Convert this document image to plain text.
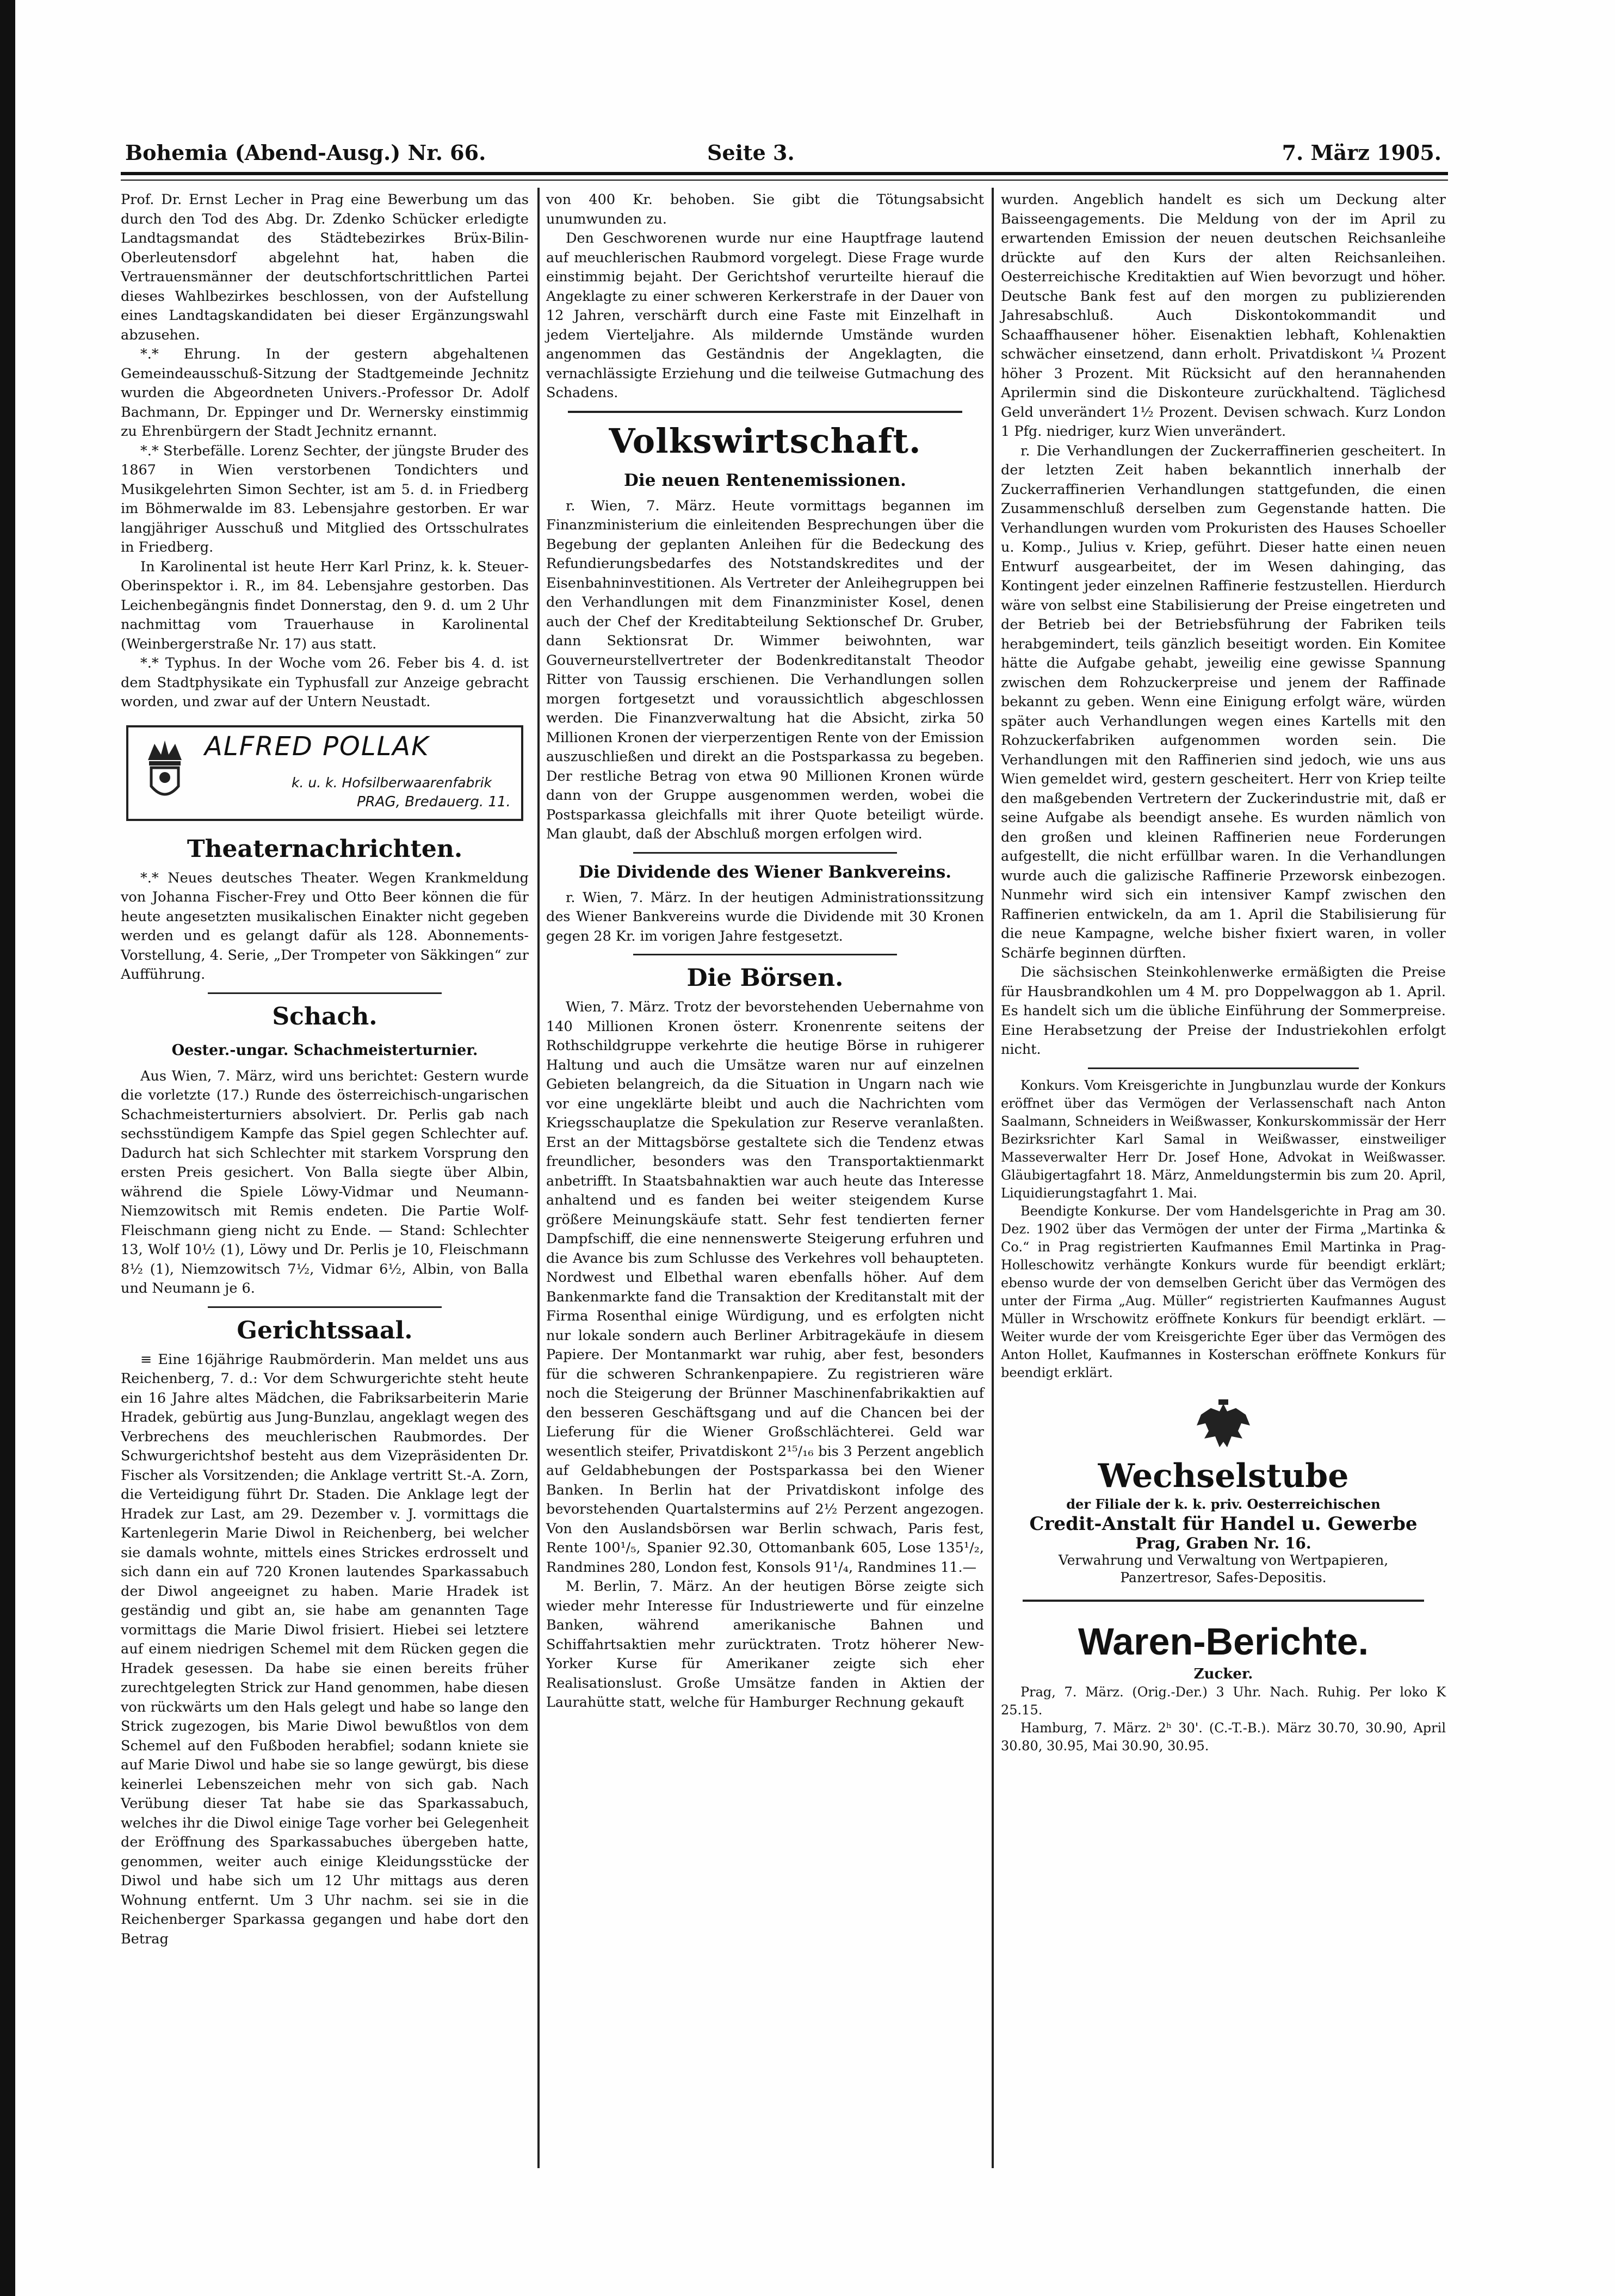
Bohemia (Abend-Ausg.) Nr. 66.	Seite 3.	7. März 1905.

Prof. Dr. Ernst Lecher in Prag eine Bewerbung um das durch den Tod des Abg. Dr. Zdenko Schücker erledigte Landtagsmandat des Städtebezirkes Brüx-Bilin-Oberleutensdorf abgelehnt hat, haben die Vertrauensmänner der deutschfortschrittlichen Partei dieses Wahlbezirkes beschlossen, von der Aufstellung eines Landtagskandidaten bei dieser Ergänzungswahl abzusehen.

*.* Ehrung. In der gestern abgehaltenen Gemeindeausschuß-Sitzung der Stadtgemeinde Jechnitz wurden die Abgeordneten Univers.-Professor Dr. Adolf Bachmann, Dr. Eppinger und Dr. Wernersky einstimmig zu Ehrenbürgern der Stadt Jechnitz ernannt.

*.* Sterbefälle. Lorenz Sechter, der jüngste Bruder des 1867 in Wien verstorbenen Tondichters und Musikgelehrten Simon Sechter, ist am 5. d. in Friedberg im Böhmerwalde im 83. Lebensjahre gestorben. Er war langjähriger Ausschuß und Mitglied des Ortsschulrates in Friedberg.

In Karolinental ist heute Herr Karl Prinz, k. k. Steuer-Oberinspektor i. R., im 84. Lebensjahre gestorben. Das Leichenbegängnis findet Donnerstag, den 9. d. um 2 Uhr nachmittag vom Trauerhause in Karolinental (Weinbergerstraße Nr. 17) aus statt.

*.* Typhus. In der Woche vom 26. Feber bis 4. d. ist dem Stadtphysikate ein Typhusfall zur Anzeige gebracht worden, und zwar auf der Untern Neustadt.

ALFRED POLLAK
k. u. k. Hofsilberwaarenfabrik
PRAG, Bredauerg. 11.
Theaternachrichten.

*.* Neues deutsches Theater. Wegen Krankmeldung von Johanna Fischer-Frey und Otto Beer können die für heute angesetzten musikalischen Einakter nicht gegeben werden und es gelangt dafür als 128. Abonnements-Vorstellung, 4. Serie, „Der Trompeter von Säkkingen“ zur Aufführung.

Schach.
Oester.-ungar. Schachmeisterturnier.

Aus Wien, 7. März, wird uns berichtet: Gestern wurde die vorletzte (17.) Runde des österreichisch-ungarischen Schachmeisterturniers absolviert. Dr. Perlis gab nach sechsstündigem Kampfe das Spiel gegen Schlechter auf. Dadurch hat sich Schlechter mit starkem Vorsprung den ersten Preis gesichert. Von Balla siegte über Albin, während die Spiele Löwy-Vidmar und Neumann-Niemzowitsch mit Remis endeten. Die Partie Wolf-Fleischmann gieng nicht zu Ende. — Stand: Schlechter 13, Wolf 10½ (1), Löwy und Dr. Perlis je 10, Fleischmann 8½ (1), Niemzowitsch 7½, Vidmar 6½, Albin, von Balla und Neumann je 6.

Gerichtssaal.

≡ Eine 16jährige Raubmörderin. Man meldet uns aus Reichenberg, 7. d.: Vor dem Schwurgerichte steht heute ein 16 Jahre altes Mädchen, die Fabriksarbeiterin Marie Hradek, gebürtig aus Jung-Bunzlau, angeklagt wegen des Verbrechens des meuchlerischen Raubmordes. Der Schwurgerichtshof besteht aus dem Vizepräsidenten Dr. Fischer als Vorsitzenden; die Anklage vertritt St.-A. Zorn, die Verteidigung führt Dr. Staden. Die Anklage legt der Hradek zur Last, am 29. Dezember v. J. vormittags die Kartenlegerin Marie Diwol in Reichenberg, bei welcher sie damals wohnte, mittels eines Strickes erdrosselt und sich dann ein auf 720 Kronen lautendes Sparkassabuch der Diwol angeeignet zu haben. Marie Hradek ist geständig und gibt an, sie habe am genannten Tage vormittags die Marie Diwol frisiert. Hiebei sei letztere auf einem niedrigen Schemel mit dem Rücken gegen die Hradek gesessen. Da habe sie einen bereits früher zurechtgelegten Strick zur Hand genommen, habe diesen von rückwärts um den Hals gelegt und habe so lange den Strick zugezogen, bis Marie Diwol bewußtlos von dem Schemel auf den Fußboden herabfiel; sodann kniete sie auf Marie Diwol und habe sie so lange gewürgt, bis diese keinerlei Lebenszeichen mehr von sich gab. Nach Verübung dieser Tat habe sie das Sparkassabuch, welches ihr die Diwol einige Tage vorher bei Gelegenheit der Eröffnung des Sparkassabuches übergeben hatte, genommen, weiter auch einige Kleidungsstücke der Diwol und habe sich um 12 Uhr mittags aus deren Wohnung entfernt. Um 3 Uhr nachm. sei sie in die Reichenberger Sparkassa gegangen und habe dort den Betrag

von 400 Kr. behoben. Sie gibt die Tötungsabsicht unumwunden zu.

Den Geschworenen wurde nur eine Hauptfrage lautend auf meuchlerischen Raubmord vorgelegt. Diese Frage wurde einstimmig bejaht. Der Gerichtshof verurteilte hierauf die Angeklagte zu einer schweren Kerkerstrafe in der Dauer von 12 Jahren, verschärft durch eine Faste mit Einzelhaft in jedem Vierteljahre. Als mildernde Umstände wurden angenommen das Geständnis der Angeklagten, die vernachlässigte Erziehung und die teilweise Gutmachung des Schadens.

Volkswirtschaft.
Die neuen Rentenemissionen.

r. Wien, 7. März. Heute vormittags begannen im Finanzministerium die einleitenden Besprechungen über die Begebung der geplanten Anleihen für die Bedeckung des Refundierungsbedarfes des Notstandskredites und der Eisenbahninvestitionen. Als Vertreter der Anleihegruppen bei den Verhandlungen mit dem Finanzminister Kosel, denen auch der Chef der Kreditabteilung Sektionschef Dr. Gruber, dann Sektionsrat Dr. Wimmer beiwohnten, war Gouverneurstellvertreter der Bodenkreditanstalt Theodor Ritter von Taussig erschienen. Die Verhandlungen sollen morgen fortgesetzt und voraussichtlich abgeschlossen werden. Die Finanzverwaltung hat die Absicht, zirka 50 Millionen Kronen der vierperzentigen Rente von der Emission auszuschließen und direkt an die Postsparkassa zu begeben. Der restliche Betrag von etwa 90 Millionen Kronen würde dann von der Gruppe ausgenommen werden, wobei die Postsparkassa gleichfalls mit ihrer Quote beteiligt würde. Man glaubt, daß der Abschluß morgen erfolgen wird.

Die Dividende des Wiener Bankvereins.

r. Wien, 7. März. In der heutigen Administrationssitzung des Wiener Bankvereins wurde die Dividende mit 30 Kronen gegen 28 Kr. im vorigen Jahre festgesetzt.

Die Börsen.

Wien, 7. März. Trotz der bevorstehenden Uebernahme von 140 Millionen Kronen österr. Kronenrente seitens der Rothschildgruppe verkehrte die heutige Börse in ruhigerer Haltung und auch die Umsätze waren nur auf einzelnen Gebieten belangreich, da die Situation in Ungarn nach wie vor eine ungeklärte bleibt und auch die Nachrichten vom Kriegsschauplatze die Spekulation zur Reserve veranlaßten. Erst an der Mittagsbörse gestaltete sich die Tendenz etwas freundlicher, besonders was den Transportaktienmarkt anbetrifft. In Staatsbahnaktien war auch heute das Interesse anhaltend und es fanden bei weiter steigendem Kurse größere Meinungskäufe statt. Sehr fest tendierten ferner Dampfschiff, die eine nennenswerte Steigerung erfuhren und die Avance bis zum Schlusse des Verkehres voll behaupteten. Nordwest und Elbethal waren ebenfalls höher. Auf dem Bankenmarkte fand die Transaktion der Kreditanstalt mit der Firma Rosenthal einige Würdigung, und es erfolgten nicht nur lokale sondern auch Berliner Arbitragekäufe in diesem Papiere. Der Montanmarkt war ruhig, aber fest, besonders für die schweren Schrankenpapiere. Zu registrieren wäre noch die Steigerung der Brünner Maschinenfabrikaktien auf den besseren Geschäftsgang und auf die Chancen bei der Lieferung für die Wiener Großschlächterei. Geld war wesentlich steifer, Privatdiskont 2¹⁵/₁₆ bis 3 Perzent angeblich auf Geldabhebungen der Postsparkassa bei den Wiener Banken. In Berlin hat der Privatdiskont infolge des bevorstehenden Quartalstermins auf 2½ Perzent angezogen. Von den Auslandsbörsen war Berlin schwach, Paris fest, Rente 100¹/₅, Spanier 92.30, Ottomanbank 605, Lose 135¹/₂, Randmines 280, London fest, Konsols 91¹/₄, Randmines 11.—

M. Berlin, 7. März. An der heutigen Börse zeigte sich wieder mehr Interesse für Industriewerte und für einzelne Banken, während amerikanische Bahnen und Schiffahrtsaktien mehr zurücktraten. Trotz höherer New-Yorker Kurse für Amerikaner zeigte sich eher Realisationslust. Große Umsätze fanden in Aktien der Laurahütte statt, welche für Hamburger Rechnung gekauft

wurden. Angeblich handelt es sich um Deckung alter Baisseengagements. Die Meldung von der im April zu erwartenden Emission der neuen deutschen Reichsanleihe drückte auf den Kurs der alten Reichsanleihen. Oesterreichische Kreditaktien auf Wien bevorzugt und höher. Deutsche Bank fest auf den morgen zu publizierenden Jahresabschluß. Auch Diskontokommandit und Schaaffhausener höher. Eisenaktien lebhaft, Kohlenaktien schwächer einsetzend, dann erholt. Privatdiskont ¼ Prozent höher 3 Prozent. Mit Rücksicht auf den herannahenden Aprilermin sind die Diskonteure zurückhaltend. Täglichesd Geld unverändert 1½ Prozent. Devisen schwach. Kurz London 1 Pfg. niedriger, kurz Wien unverändert.

r. Die Verhandlungen der Zuckerraffinerien gescheitert. In der letzten Zeit haben bekanntlich innerhalb der Zuckerraffinerien Verhandlungen stattgefunden, die einen Zusammenschluß derselben zum Gegenstande hatten. Die Verhandlungen wurden vom Prokuristen des Hauses Schoeller u. Komp., Julius v. Kriep, geführt. Dieser hatte einen neuen Entwurf ausgearbeitet, der im Wesen dahinging, das Kontingent jeder einzelnen Raffinerie festzustellen. Hierdurch wäre von selbst eine Stabilisierung der Preise eingetreten und der Betrieb bei der Betriebsführung der Fabriken teils herabgemindert, teils gänzlich beseitigt worden. Ein Komitee hätte die Aufgabe gehabt, jeweilig eine gewisse Spannung zwischen dem Rohzuckerpreise und jenem der Raffinade bekannt zu geben. Wenn eine Einigung erfolgt wäre, würden später auch Verhandlungen wegen eines Kartells mit den Rohzuckerfabriken aufgenommen worden sein. Die Verhandlungen mit den Raffinerien sind jedoch, wie uns aus Wien gemeldet wird, gestern gescheitert. Herr von Kriep teilte den maßgebenden Vertretern der Zuckerindustrie mit, daß er seine Aufgabe als beendigt ansehe. Es wurden nämlich von den großen und kleinen Raffinerien neue Forderungen aufgestellt, die nicht erfüllbar waren. In die Verhandlungen wurde auch die galizische Raffinerie Przeworsk einbezogen. Nunmehr wird sich ein intensiver Kampf zwischen den Raffinerien entwickeln, da am 1. April die Stabilisierung für die neue Kampagne, welche bisher fixiert waren, in voller Schärfe beginnen dürften.

Die sächsischen Steinkohlenwerke ermäßigten die Preise für Hausbrandkohlen um 4 M. pro Doppelwaggon ab 1. April. Es handelt sich um die übliche Einführung der Sommerpreise. Eine Herabsetzung der Preise der Industriekohlen erfolgt nicht.

Konkurs. Vom Kreisgerichte in Jungbunzlau wurde der Konkurs eröffnet über das Vermögen der Verlassenschaft nach Anton Saalmann, Schneiders in Weißwasser, Konkurskommissär der Herr Bezirksrichter Karl Samal in Weißwasser, einstweiliger Masseverwalter Herr Dr. Josef Hone, Advokat in Weißwasser. Gläubigertagfahrt 18. März, Anmeldungstermin bis zum 20. April, Liquidierungstagfahrt 1. Mai.

Beendigte Konkurse. Der vom Handelsgerichte in Prag am 30. Dez. 1902 über das Vermögen der unter der Firma „Martinka & Co.“ in Prag registrierten Kaufmannes Emil Martinka in Prag-Holleschowitz verhängte Konkurs wurde für beendigt erklärt; ebenso wurde der von demselben Gericht über das Vermögen des unter der Firma „Aug. Müller“ registrierten Kaufmannes August Müller in Wrschowitz eröffnete Konkurs für beendigt erklärt. — Weiter wurde der vom Kreisgerichte Eger über das Vermögen des Anton Hollet, Kaufmannes in Kosterschan eröffnete Konkurs für beendigt erklärt.

Wechselstube
der Filiale der k. k. priv. Oesterreichischen
Credit-Anstalt für Handel u. Gewerbe
Prag, Graben Nr. 16.
Verwahrung und Verwaltung von Wertpapieren,
Panzertresor, Safes-Depositis.
Waren-Berichte.
Zucker.

Prag, 7. März. (Orig.-Der.) 3 Uhr. Nach. Ruhig. Per loko K 25.15.

Hamburg, 7. März. 2ʰ 30'. (C.-T.-B.). März 30.70, 30.90, April 30.80, 30.95, Mai 30.90, 30.95.
